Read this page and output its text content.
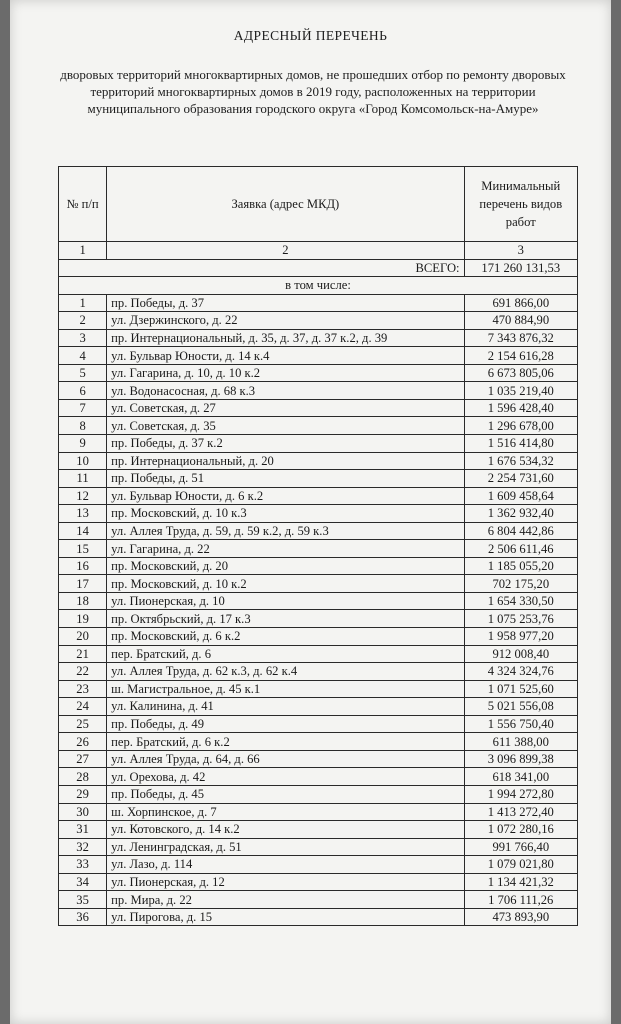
АДРЕСНЫЙ ПЕРЕЧЕНЬ
дворовых территорий многоквартирных домов, не прошедших отбор по ремонту дворовых территорий многоквартирных домов в 2019 году, расположенных на территории муниципального образования городского округа «Город Комсомольск-на-Амуре»
№ п/п	Заявка (адрес МКД)	Минимальный перечень видов работ
1	2	3
ВСЕГО:		171 260 131,53
в том числе:		
1	пр. Победы, д. 37	691 866,00
2	ул. Дзержинского, д. 22	470 884,90
3	пр. Интернациональный, д. 35, д. 37, д. 37 к.2, д. 39	7 343 876,32
4	ул. Бульвар Юности, д. 14 к.4	2 154 616,28
5	ул. Гагарина, д. 10, д. 10 к.2	6 673 805,06
6	ул. Водонасосная, д. 68 к.3	1 035 219,40
7	ул. Советская, д. 27	1 596 428,40
8	ул. Советская, д. 35	1 296 678,00
9	пр. Победы, д. 37 к.2	1 516 414,80
10	пр. Интернациональный, д. 20	1 676 534,32
11	пр. Победы, д. 51	2 254 731,60
12	ул. Бульвар Юности, д. 6 к.2	1 609 458,64
13	пр. Московский, д. 10 к.3	1 362 932,40
14	ул. Аллея Труда, д. 59, д. 59 к.2, д. 59 к.3	6 804 442,86
15	ул. Гагарина, д. 22	2 506 611,46
16	пр. Московский, д. 20	1 185 055,20
17	пр. Московский, д. 10 к.2	702 175,20
18	ул. Пионерская, д. 10	1 654 330,50
19	пр. Октябрьский, д. 17 к.3	1 075 253,76
20	пр. Московский, д. 6 к.2	1 958 977,20
21	пер. Братский, д. 6	912 008,40
22	ул. Аллея Труда, д. 62 к.3, д. 62 к.4	4 324 324,76
23	ш. Магистральное, д. 45 к.1	1 071 525,60
24	ул. Калинина, д. 41	5 021 556,08
25	пр. Победы, д. 49	1 556 750,40
26	пер. Братский, д. 6 к.2	611 388,00
27	ул. Аллея Труда, д. 64, д. 66	3 096 899,38
28	ул. Орехова, д. 42	618 341,00
29	пр. Победы, д. 45	1 994 272,80
30	ш. Хорпинское, д. 7	1 413 272,40
31	ул. Котовского, д. 14 к.2	1 072 280,16
32	ул. Ленинградская, д. 51	991 766,40
33	ул. Лазо, д. 114	1 079 021,80
34	ул. Пионерская, д. 12	1 134 421,32
35	пр. Мира, д. 22	1 706 111,26
36	ул. Пирогова, д. 15	473 893,90
